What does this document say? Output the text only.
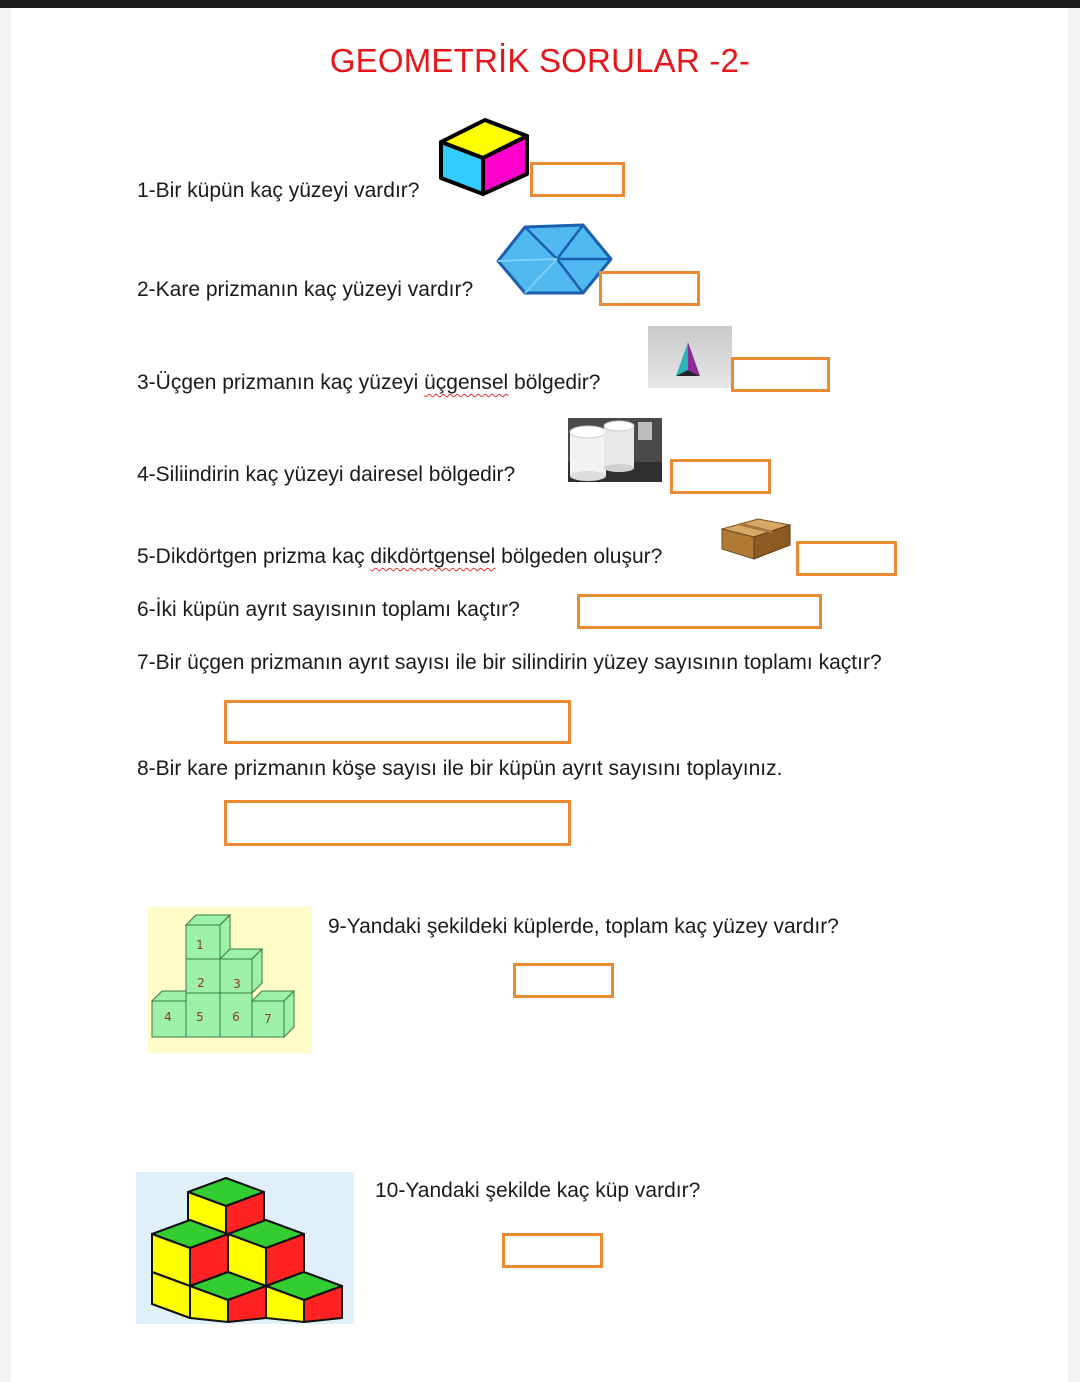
GEOMETRİK SORULAR -2-
1-Bir küpün kaç yüzeyi vardır?
2-Kare prizmanın kaç yüzeyi vardır?
3-Üçgen prizmanın kaç yüzeyi üçgensel bölgedir?
4-Siliindirin kaç yüzeyi dairesel bölgedir?
5-Dikdörtgen prizma kaç dikdörtgensel bölgeden oluşur?
6-İki küpün ayrıt sayısının toplamı kaçtır?
7-Bir üçgen prizmanın ayrıt sayısı ile bir silindirin yüzey sayısının toplamı kaçtır?
8-Bir kare prizmanın köşe sayısı ile bir küpün ayrıt sayısını toplayınız.
1
2 3
4 5 6 7
9-Yandaki şekildeki küplerde, toplam kaç yüzey vardır?
10-Yandaki şekilde kaç küp vardır?
